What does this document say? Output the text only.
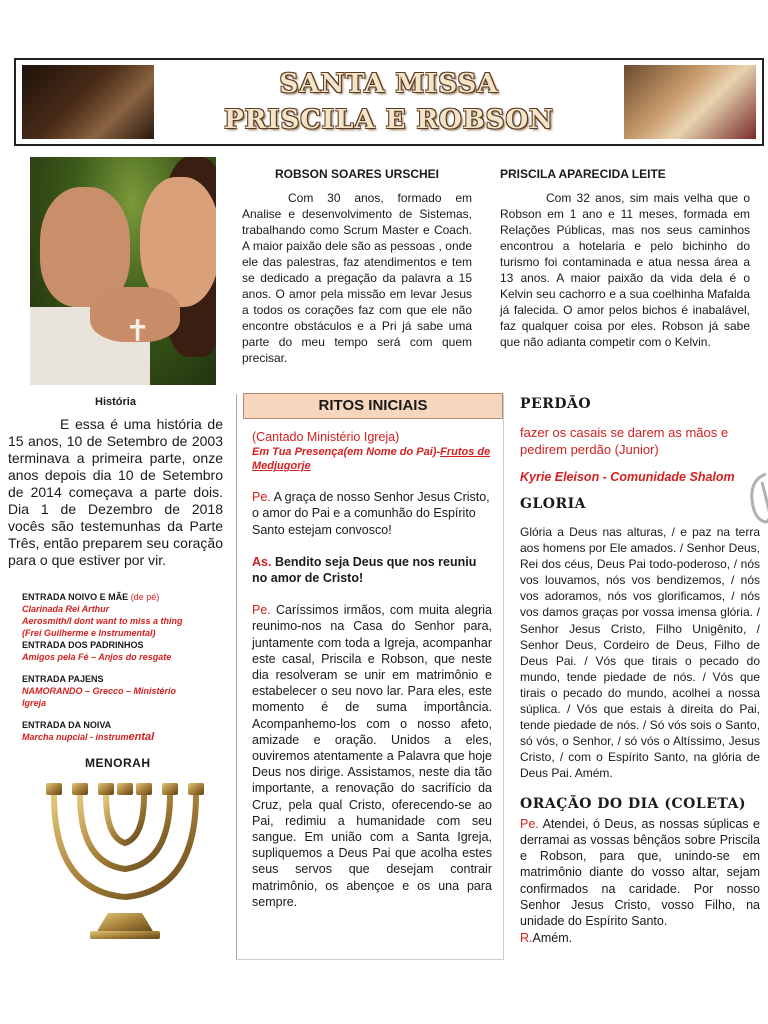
SANTA MISSA
PRISCILA E ROBSON
✝
ROBSON SOARES URSCHEI

Com 30 anos, formado em Analise e desenvolvimento de Sistemas, trabalhando como Scrum Master e Coach. A maior paixão dele são as pessoas , onde ele das palestras, faz atendimentos e tem se dedicado a pregação da palavra a 15 anos. O amor pela missão em levar Jesus a todos os corações faz com que ele não encontre obstáculos e a Pri já sabe uma parte do meu tempo será com quem precisar.

PRISCILA APARECIDA LEITE

Com 32 anos, sim mais velha que o Robson em 1 ano e 11 meses, formada em Relações Públicas, mas nos seus caminhos encontrou a hotelaria e pelo bichinho do turismo foi contaminada e atua nessa área a 13 anos. A maior paixão da vida dela é o Kelvin seu cachorro e a sua coelhinha Mafalda já falecida. O amor pelos bichos é inabalável, faz qualquer coisa por eles. Robson já sabe que não adianta competir com o Kelvin.

História

E essa é uma história de 15 anos, 10 de Setembro de 2003 terminava a primeira parte, onze anos depois dia 10 de Setembro de 2014 começava a parte dois. Dia 1 de Dezembro de 2018 vocês são testemunhas da Parte Três, então preparem seu coração para o que estiver por vir.

ENTRADA NOIVO E MÃE (de pé)
Clarinada Rei Arthur
Aerosmith/I dont want to miss a thing
(Frei Guilherme e Instrumental)
ENTRADA DOS PADRINHOS
Amigos pela Fé – Anjos do resgate
ENTRADA PAJENS
NAMORANDO – Grecco – Ministério
Igreja
ENTRADA DA NOIVA
Marcha nupcial - instrumental
MENORAH
RITOS INICIAIS
(Cantado Ministério Igreja)

Em Tua Presença(em Nome do Pai)-Frutos de Medjugorje

Pe. A graça de nosso Senhor Jesus Cristo, o amor do Pai e a comunhão do Espírito Santo estejam convosco!

As. Bendito seja Deus que nos reuniu no amor de Cristo!

Pe. Caríssimos irmãos, com muita alegria reunimo-nos na Casa do Senhor para, juntamente com toda a Igreja, acompanhar este casal, Priscila e Robson, que neste dia resolveram se unir em matrimônio e estabelecer o seu novo lar. Para eles, este momento é de suma importância. Acompanhemo-los com o nosso afeto, amizade e oração. Unidos a eles, ouviremos atentamente a Palavra que hoje Deus nos dirige. Assistamos, neste dia tão importante, a renovação do sacrifício da Cruz, pela qual Cristo, oferecendo-se ao Pai, redimiu a humanidade com seu sangue. Em união com a Santa Igreja, supliquemos a Deus Pai que acolha estes seus servos que desejam contrair matrimônio, os abençoe e os una para sempre.

PERDÃO
fazer os casais se darem as mãos e pedirem perdão (Junior)
Kyrie Eleison - Comunidade Shalom
GLORIA
Glória a Deus nas alturas, / e paz na terra aos homens por Ele amados. / Senhor Deus, Rei dos céus, Deus Pai todo-poderoso, / nós vos louvamos, nós vos bendizemos, / nós vos adoramos, nós vos glorificamos, / nós vos damos graças por vossa imensa glória. / Senhor Jesus Cristo, Filho Unigênito, / Senhor Deus, Cordeiro de Deus, Filho de Deus Pai. / Vós que tirais o pecado do mundo, tende piedade de nós. / Vós que tirais o pecado do mundo, acolhei a nossa súplica. / Vós que estais à direita do Pai, tende piedade de nós. / Só vós sois o Santo, só vós, o Senhor, / só vós o Altíssimo, Jesus Cristo, / com o Espírito Santo, na glória de Deus Pai. Amém.
ORAÇÃO DO DIA (COLETA)
Pe. Atendei, ó Deus, as nossas súplicas e derramai as vossas bênçãos sobre Priscila e Robson, para que, unindo-se em matrimônio diante do vosso altar, sejam confirmados na caridade. Por nosso Senhor Jesus Cristo, vosso Filho, na unidade do Espírito Santo.
R.Amém.
